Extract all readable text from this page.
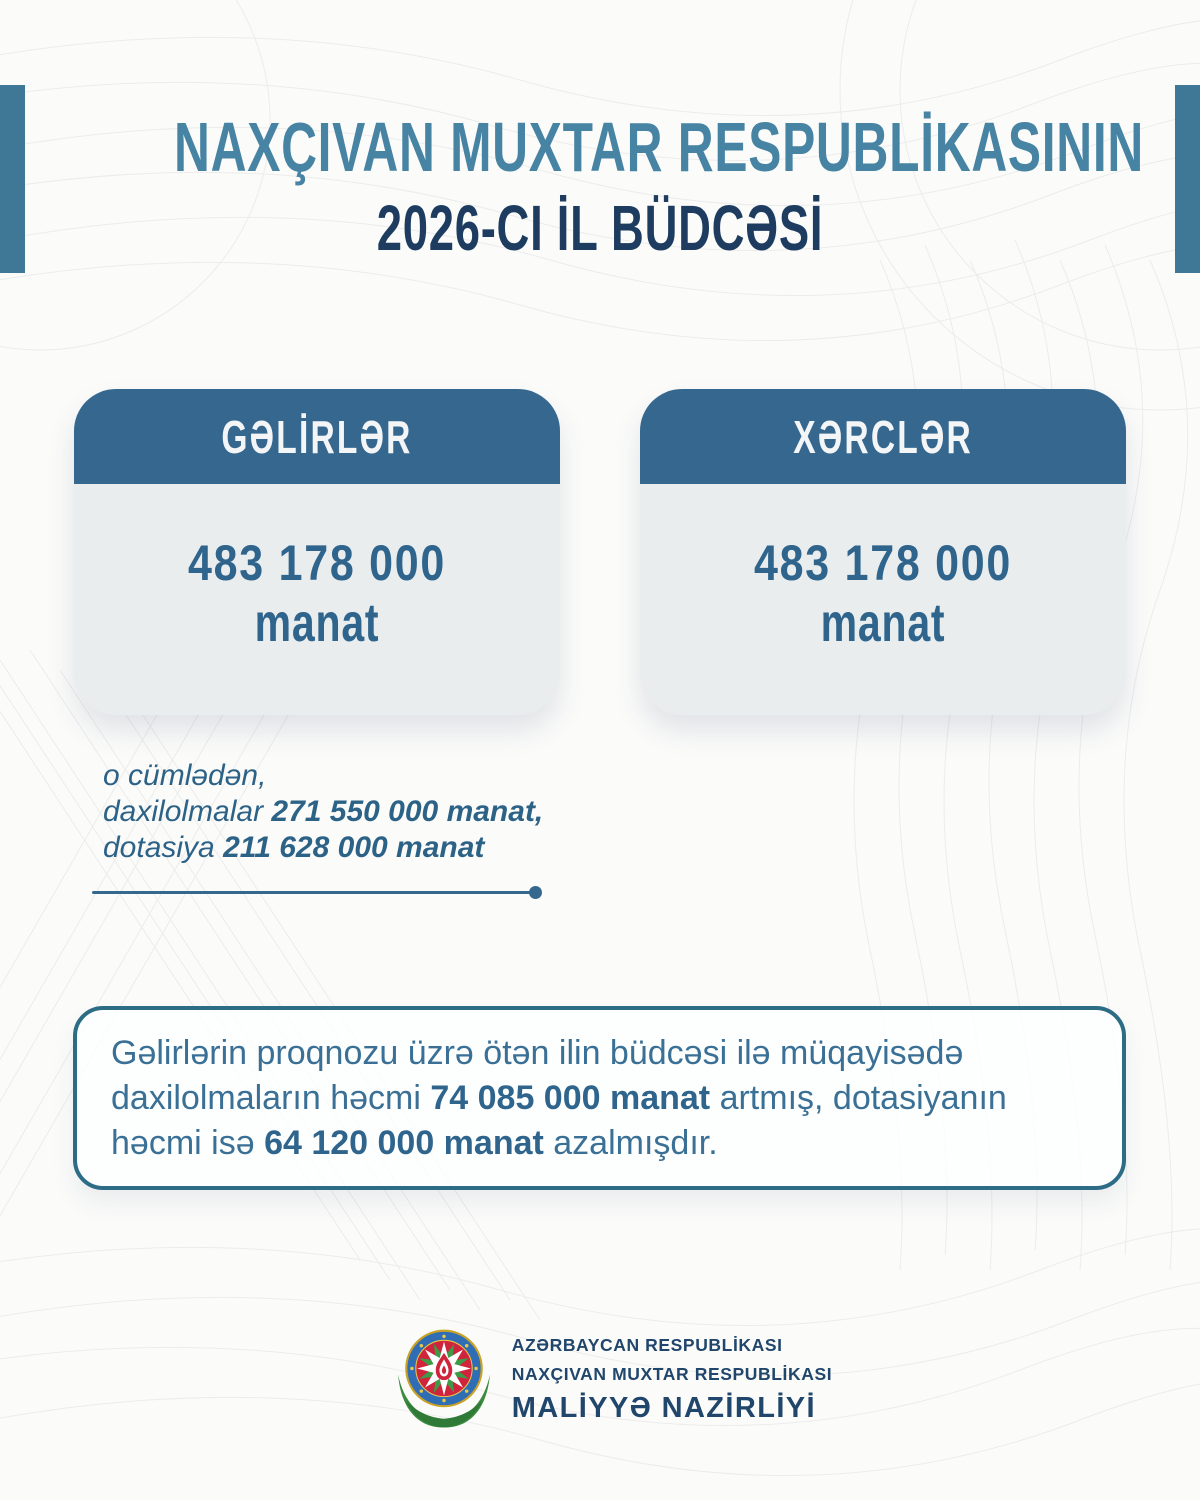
NAXÇIVAN MUXTAR RESPUBLİKASININ
2026-CI İL BÜDCƏSİ
GƏLİRLƏR
483 178 000
manat
XƏRCLƏR
483 178 000
manat

o cümlədən,

daxilolmalar 271 550 000 manat,

dotasiya 211 628 000 manat

Gəlirlərin proqnozu üzrə ötən ilin büdcəsi ilə müqayisədə
daxilolmaların həcmi 74 085 000 manat artmış, dotasiyanın
həcmi isə 64 120 000 manat azalmışdır.

AZƏRBAYCAN RESPUBLİKASI
NAXÇIVAN MUXTAR RESPUBLİKASI
MALİYYƏ NAZİRLİYİ
